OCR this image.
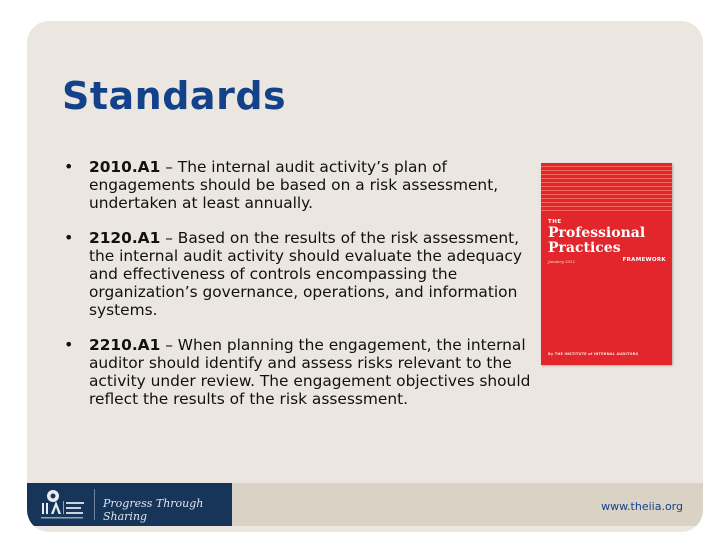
Standards
• 2010.A1 – The internal audit activity’s plan of engagements should be based on a risk assessment, undertaken at least annually.
• 2120.A1 – Based on the results of the risk assessment, the internal audit activity should evaluate the adequacy and effectiveness of controls encompassing the organization’s governance, operations, and information systems.
• 2210.A1 – When planning the engagement, the internal auditor should identify and assess risks relevant to the activity under review. The engagement objectives should reflect the results of the risk assessment.
THE
Professional Practices
January 2012	FRAMEWORK
By THE INSTITUTE of INTERNAL AUDITORS
Progress Through Sharing
www.theiia.org
